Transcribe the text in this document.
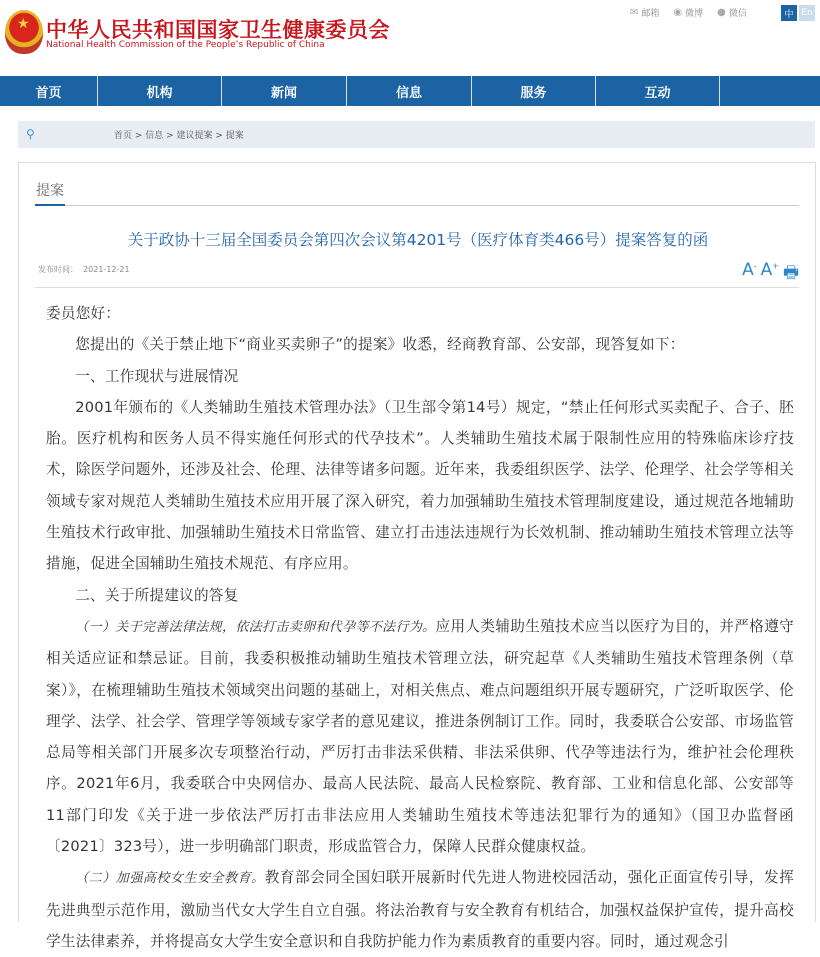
★ 中华人民共和国国家卫生健康委员会
National Health Commission of the People’s Republic of China
✉ 邮箱 ◉ 微博 ● 微信	中 En
首页	机构	新闻	信息	服务	互动
⚲	首页 > 信息 > 建议提案 > 提案
提案
关于政协十三届全国委员会第四次会议第4201号（医疗体育类466号）提案答复的函
发布时间： 2021-12-21	A- A+ 🖶

委员您好：

您提出的《关于禁止地下“商业买卖卵子”的提案》收悉，经商教育部、公安部，现答复如下：

一、工作现状与进展情况

2001年颁布的《人类辅助生殖技术管理办法》（卫生部令第14号）规定，“禁止任何形式买卖配子、合子、胚胎。医疗机构和医务人员不得实施任何形式的代孕技术”。人类辅助生殖技术属于限制性应用的特殊临床诊疗技术，除医学问题外，还涉及社会、伦理、法律等诸多问题。近年来，我委组织医学、法学、伦理学、社会学等相关领域专家对规范人类辅助生殖技术应用开展了深入研究，着力加强辅助生殖技术管理制度建设，通过规范各地辅助生殖技术行政审批、加强辅助生殖技术日常监管、建立打击违法违规行为长效机制、推动辅助生殖技术管理立法等措施，促进全国辅助生殖技术规范、有序应用。

二、关于所提建议的答复

（一）关于完善法律法规，依法打击卖卵和代孕等不法行为。应用人类辅助生殖技术应当以医疗为目的，并严格遵守相关适应证和禁忌证。目前，我委积极推动辅助生殖技术管理立法，研究起草《人类辅助生殖技术管理条例（草案）》，在梳理辅助生殖技术领域突出问题的基础上，对相关焦点、难点问题组织开展专题研究，广泛听取医学、伦理学、法学、社会学、管理学等领域专家学者的意见建议，推进条例制订工作。同时，我委联合公安部、市场监管总局等相关部门开展多次专项整治行动，严厉打击非法采供精、非法采供卵、代孕等违法行为，维护社会伦理秩序。2021年6月，我委联合中央网信办、最高人民法院、最高人民检察院、教育部、工业和信息化部、公安部等11部门印发《关于进一步依法严厉打击非法应用人类辅助生殖技术等违法犯罪行为的通知》（国卫办监督函〔2021〕323号），进一步明确部门职责，形成监管合力，保障人民群众健康权益。

（二）加强高校女生安全教育。教育部会同全国妇联开展新时代先进人物进校园活动，强化正面宣传引导，发挥先进典型示范作用，激励当代女大学生自立自强。将法治教育与安全教育有机结合，加强权益保护宣传，提升高校学生法律素养，并将提高女大学生安全意识和自我防护能力作为素质教育的重要内容。同时，通过观念引
